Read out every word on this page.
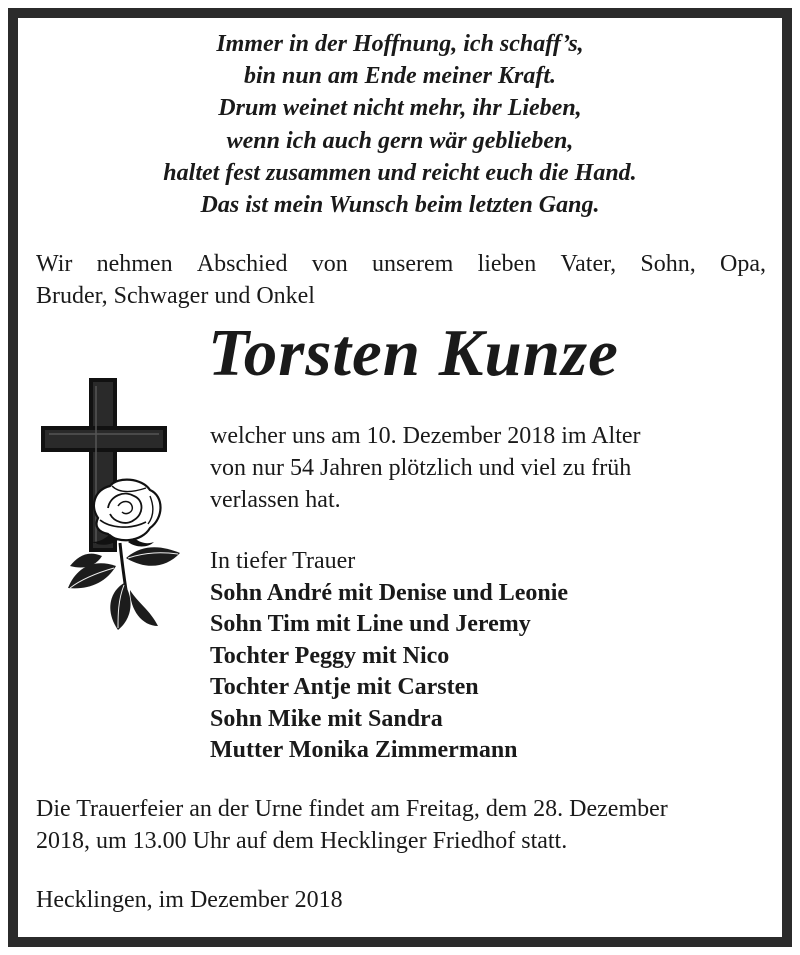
Immer in der Hoffnung, ich schaff’s,
bin nun am Ende meiner Kraft.
Drum weinet nicht mehr, ihr Lieben,
wenn ich auch gern wär geblieben,
haltet fest zusammen und reicht euch die Hand.
Das ist mein Wunsch beim letzten Gang.
Wir nehmen Abschied von unserem lieben Vater, Sohn, Opa,
Bruder, Schwager und Onkel
Torsten Kunze
welcher uns am 10. Dezember 2018 im Alter
von nur 54 Jahren plötzlich und viel zu früh
verlassen hat.
In tiefer Trauer
Sohn André mit Denise und Leonie
Sohn Tim mit Line und Jeremy
Tochter Peggy mit Nico
Tochter Antje mit Carsten
Sohn Mike mit Sandra
Mutter Monika Zimmermann
Die Trauerfeier an der Urne findet am Freitag, dem 28. Dezember
2018, um 13.00 Uhr auf dem Hecklinger Friedhof statt.
Hecklingen, im Dezember 2018
